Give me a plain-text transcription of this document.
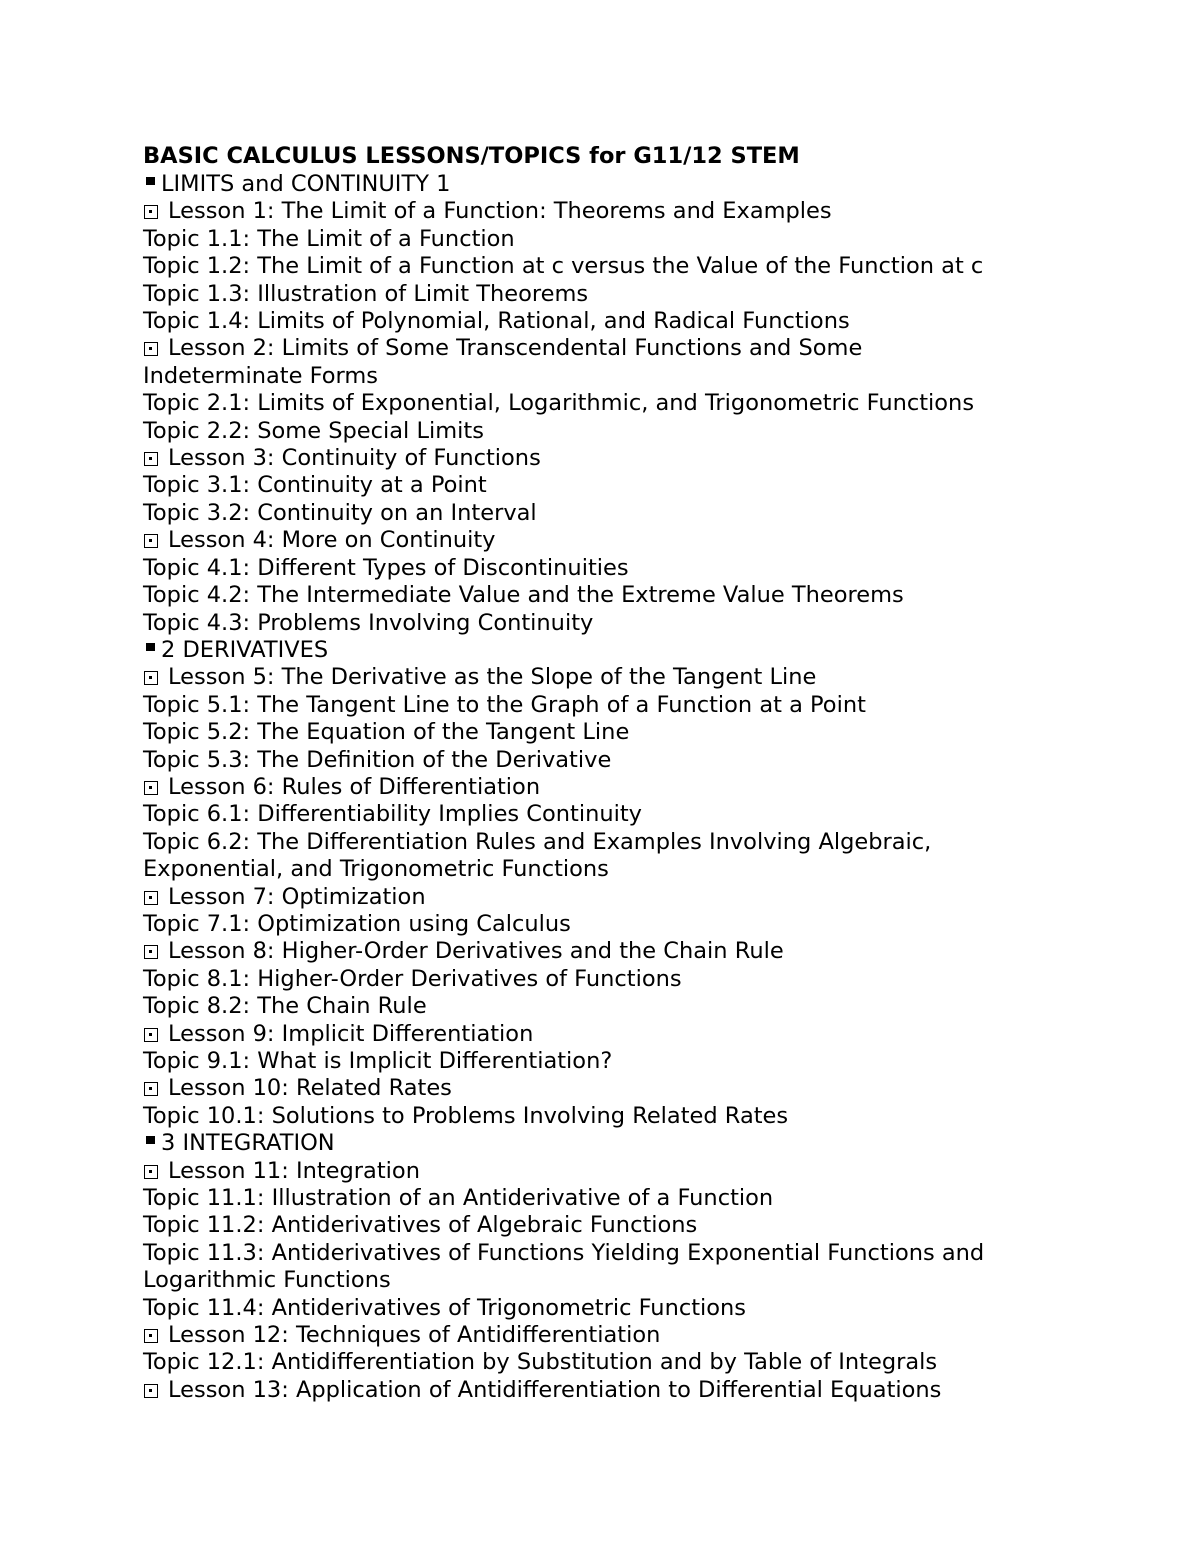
BASIC CALCULUS LESSONS/TOPICS for G11/12 STEM
LIMITS and CONTINUITY 1
Lesson 1: The Limit of a Function: Theorems and Examples
Topic 1.1: The Limit of a Function
Topic 1.2: The Limit of a Function at c versus the Value of the Function at c
Topic 1.3: Illustration of Limit Theorems
Topic 1.4: Limits of Polynomial, Rational, and Radical Functions
Lesson 2: Limits of Some Transcendental Functions and Some
Indeterminate Forms
Topic 2.1: Limits of Exponential, Logarithmic, and Trigonometric Functions
Topic 2.2: Some Special Limits
Lesson 3: Continuity of Functions
Topic 3.1: Continuity at a Point
Topic 3.2: Continuity on an Interval
Lesson 4: More on Continuity
Topic 4.1: Different Types of Discontinuities
Topic 4.2: The Intermediate Value and the Extreme Value Theorems
Topic 4.3: Problems Involving Continuity
2 DERIVATIVES
Lesson 5: The Derivative as the Slope of the Tangent Line
Topic 5.1: The Tangent Line to the Graph of a Function at a Point
Topic 5.2: The Equation of the Tangent Line
Topic 5.3: The Definition of the Derivative
Lesson 6: Rules of Differentiation
Topic 6.1: Differentiability Implies Continuity
Topic 6.2: The Differentiation Rules and Examples Involving Algebraic,
Exponential, and Trigonometric Functions
Lesson 7: Optimization
Topic 7.1: Optimization using Calculus
Lesson 8: Higher-Order Derivatives and the Chain Rule
Topic 8.1: Higher-Order Derivatives of Functions
Topic 8.2: The Chain Rule
Lesson 9: Implicit Differentiation
Topic 9.1: What is Implicit Differentiation?
Lesson 10: Related Rates
Topic 10.1: Solutions to Problems Involving Related Rates
3 INTEGRATION
Lesson 11: Integration
Topic 11.1: Illustration of an Antiderivative of a Function
Topic 11.2: Antiderivatives of Algebraic Functions
Topic 11.3: Antiderivatives of Functions Yielding Exponential Functions and
Logarithmic Functions
Topic 11.4: Antiderivatives of Trigonometric Functions
Lesson 12: Techniques of Antidifferentiation
Topic 12.1: Antidifferentiation by Substitution and by Table of Integrals
Lesson 13: Application of Antidifferentiation to Differential Equations
